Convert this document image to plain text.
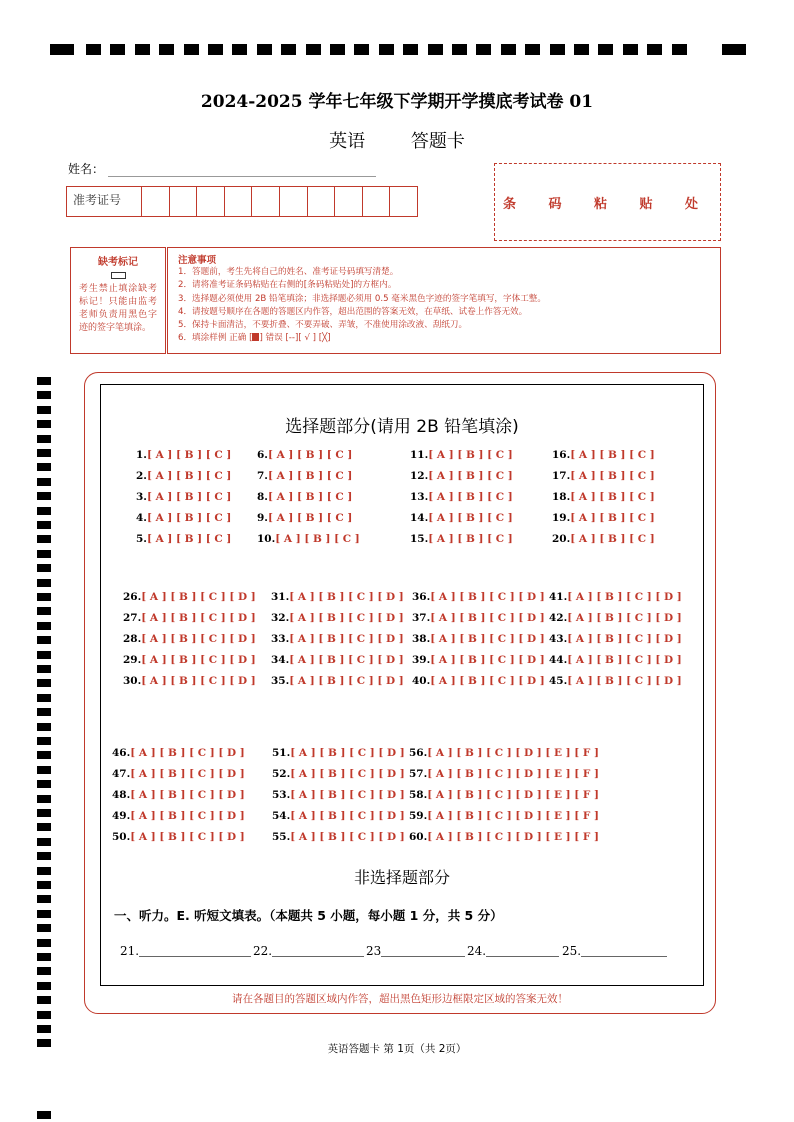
2024-2025 学年七年级下学期开学摸底考试卷 01
英语	答题卡
姓名：
准考证号	条 码 粘 贴 处
缺考标记
考生禁止填涂缺考标记！只能由监考老师负责用黑色字迹的签字笔填涂。
注意事项
1．答题前，考生先将自己的姓名、准考证号码填写清楚。
2．请将准考证条码粘贴在右侧的[条码粘贴处]的方框内。
3．选择题必须使用 2B 铅笔填涂；非选择题必须用 0.5 毫米黑色字迹的签字笔填写，字体工整。
4．请按题号顺序在各题的答题区内作答，超出范围的答案无效，在草纸、试卷上作答无效。
5．保持卡面清洁，不要折叠、不要弄破、弄皱，不准使用涂改液、刮纸刀。
6．填涂样例 正确 [ ] 错误 [--][ √ ] [╳]
选择题部分(请用 2B 铅笔填涂)
1.[ A ] [ B ] [ C ]
2.[ A ] [ B ] [ C ]
3.[ A ] [ B ] [ C ]
4.[ A ] [ B ] [ C ]
5.[ A ] [ B ] [ C ]
6.[ A ] [ B ] [ C ]
7.[ A ] [ B ] [ C ]
8.[ A ] [ B ] [ C ]
9.[ A ] [ B ] [ C ]
10.[ A ] [ B ] [ C ]
11.[ A ] [ B ] [ C ]
12.[ A ] [ B ] [ C ]
13.[ A ] [ B ] [ C ]
14.[ A ] [ B ] [ C ]
15.[ A ] [ B ] [ C ]
16.[ A ] [ B ] [ C ]
17.[ A ] [ B ] [ C ]
18.[ A ] [ B ] [ C ]
19.[ A ] [ B ] [ C ]
20.[ A ] [ B ] [ C ]
26.[ A ] [ B ] [ C ] [ D ]
27.[ A ] [ B ] [ C ] [ D ]
28.[ A ] [ B ] [ C ] [ D ]
29.[ A ] [ B ] [ C ] [ D ]
30.[ A ] [ B ] [ C ] [ D ]
31.[ A ] [ B ] [ C ] [ D ]
32.[ A ] [ B ] [ C ] [ D ]
33.[ A ] [ B ] [ C ] [ D ]
34.[ A ] [ B ] [ C ] [ D ]
35.[ A ] [ B ] [ C ] [ D ]
36.[ A ] [ B ] [ C ] [ D ]
37.[ A ] [ B ] [ C ] [ D ]
38.[ A ] [ B ] [ C ] [ D ]
39.[ A ] [ B ] [ C ] [ D ]
40.[ A ] [ B ] [ C ] [ D ]
41.[ A ] [ B ] [ C ] [ D ]
42.[ A ] [ B ] [ C ] [ D ]
43.[ A ] [ B ] [ C ] [ D ]
44.[ A ] [ B ] [ C ] [ D ]
45.[ A ] [ B ] [ C ] [ D ]
46.[ A ] [ B ] [ C ] [ D ]
47.[ A ] [ B ] [ C ] [ D ]
48.[ A ] [ B ] [ C ] [ D ]
49.[ A ] [ B ] [ C ] [ D ]
50.[ A ] [ B ] [ C ] [ D ]
51.[ A ] [ B ] [ C ] [ D ]
52.[ A ] [ B ] [ C ] [ D ]
53.[ A ] [ B ] [ C ] [ D ]
54.[ A ] [ B ] [ C ] [ D ]
55.[ A ] [ B ] [ C ] [ D ]
56.[ A ] [ B ] [ C ] [ D ] [ E ] [ F ]
57.[ A ] [ B ] [ C ] [ D ] [ E ] [ F ]
58.[ A ] [ B ] [ C ] [ D ] [ E ] [ F ]
59.[ A ] [ B ] [ C ] [ D ] [ E ] [ F ]
60.[ A ] [ B ] [ C ] [ D ] [ E ] [ F ]
非选择题部分
一、听力。E. 听短文填表。（本题共 5 小题，每小题 1 分，共 5 分）
21.	22.	23	24.	25.
请在各题目的答题区域内作答，超出黑色矩形边框限定区域的答案无效！
英语答题卡 第 1页（共 2页）
